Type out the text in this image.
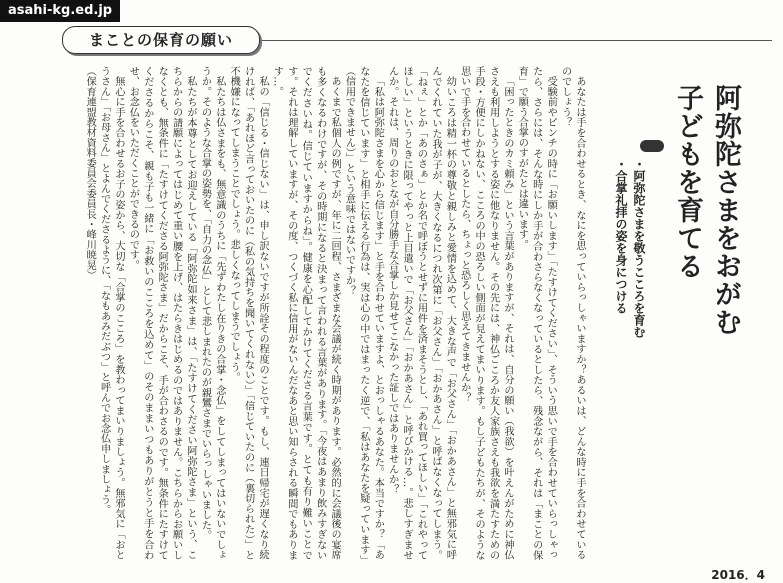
asahi-kg.ed.jp
まことの保育の願い
阿弥陀さまをおがむ
子どもを育てる
・阿弥陀さまを敬うこころを育む
・合掌礼拝の姿を身につける

あなたは手を合わせるとき、なにを思っていらっしゃいますか？あるいは、どんな時に手を合わせているのでしょう？

受験前やピンチの時に「お願いします」「たすけてください」、そういう思いで手を合わせていらっしゃったら、さらには、そんな時にしか手が合わさらなくなっているとしたら、残念ながら、それは「まことの保育」で願う合掌のすがたとは違います。

「困ったときのカミ頼み」という言葉がありますが、それは、自分の願い（我欲）を叶えんがために神仏さえも利用しようとする姿に他なりません。その先には、神仏ごころか友人家族さえも我欲を満たすための手段・方便にしかねない、こころの中の恐ろしい側面が見えてまいります。もし子どもたちが、そのような思いで手を合わせているとしたら、ちょっと恐ろしく思えてきませんか？

幼いころは精一杯の尊敬と親しみと愛情を込めて、大きな声で「お父さん」「おかあさん」と無邪気に呼んでくれていた我が子が、大きくなるにつれ次第に「お父さん」「おかあさん」と呼ばなくなってしまう。「ねぇ」とか「あのさぁ」とか名で呼ぼうとせずに用件を済まそうとし、「あれ買ってほしい」「これやってほしい」というときに限ってやっと上目遣いで「お父さん」「おかあさん」と呼びかける…。悲しすぎませんか。それは、周りのおとなが自分勝手な合掌しか見せてこなかった証しではありませんか？

「私は阿弥陀さまを心から信じます」と手を合わせていますよ、とおっしゃるあなた。本当ですか？「あなたを信じています」と相手に伝える行為は、実は心の中ではまったく逆で、「私はあなたを疑っています」（信用できません）」という意味ではないですか？

あくまで私個人の例ですが、年に二回程、さまざまな会議が続く時期があります。必然的に会議後の宴席も多くなるわけですが、その時期になると決まって言われる言葉があります。「今夜はあまり飲みすぎないでくださいね。信じていますからね」。健康を心配してかけてくださる言葉です。とても有り難いことです。それは理解していますが、その度、つくづく私に信用がないんだなあと思い知らされる瞬間でもあります…。

私の「信じる・信じない」は、申し訳ないですが所詮その程度のことです。もし、連日帰宅が遅くなり続ければ、「あれほど言っておいたのに（私の気持ちを聞いてくれない）」「信じていたのに（裏切られた）」と不機嫌になってしまうことでしょう。悲しくなってしまうでしょう。

私たちは仏さまをも、無意識のうちに「先ずわたし在りきの合掌・念仏」をしてしまってはいないでしょうか。そのような合掌の姿勢を、「自力の念仏」として悲しまれたのが親鸞さまでいらっしゃいました。

私たちが本尊としてお迎えしている「阿弥陀如来さま」は、「たすけてください阿弥陀さま」という、こちらからの請願によってはじめて重い腰を上げ、はたらきはじめるのではありません。こちらからお願いしなくとも、無条件に「たすけてくださる阿弥陀さま」だからこそ、手が合わさるのです。無条件にたすけてくださるからこそ、親も子も一緒に「お救いのこころを込めて」のそのままいつもありがとうと手を合わせ、お念仏をいただくことができるのです。

無心に手を合わせるお子の姿から、大切な「合掌のこころ」を教わってまいりましょう。無邪気に「おとうさん」「お母さん」とよんでくださるように、「なもあみだぶつ」と呼んでお念仏申しましょう。

（保育連盟教材資料委員会委員長・峰川暁晃）

2016．4
